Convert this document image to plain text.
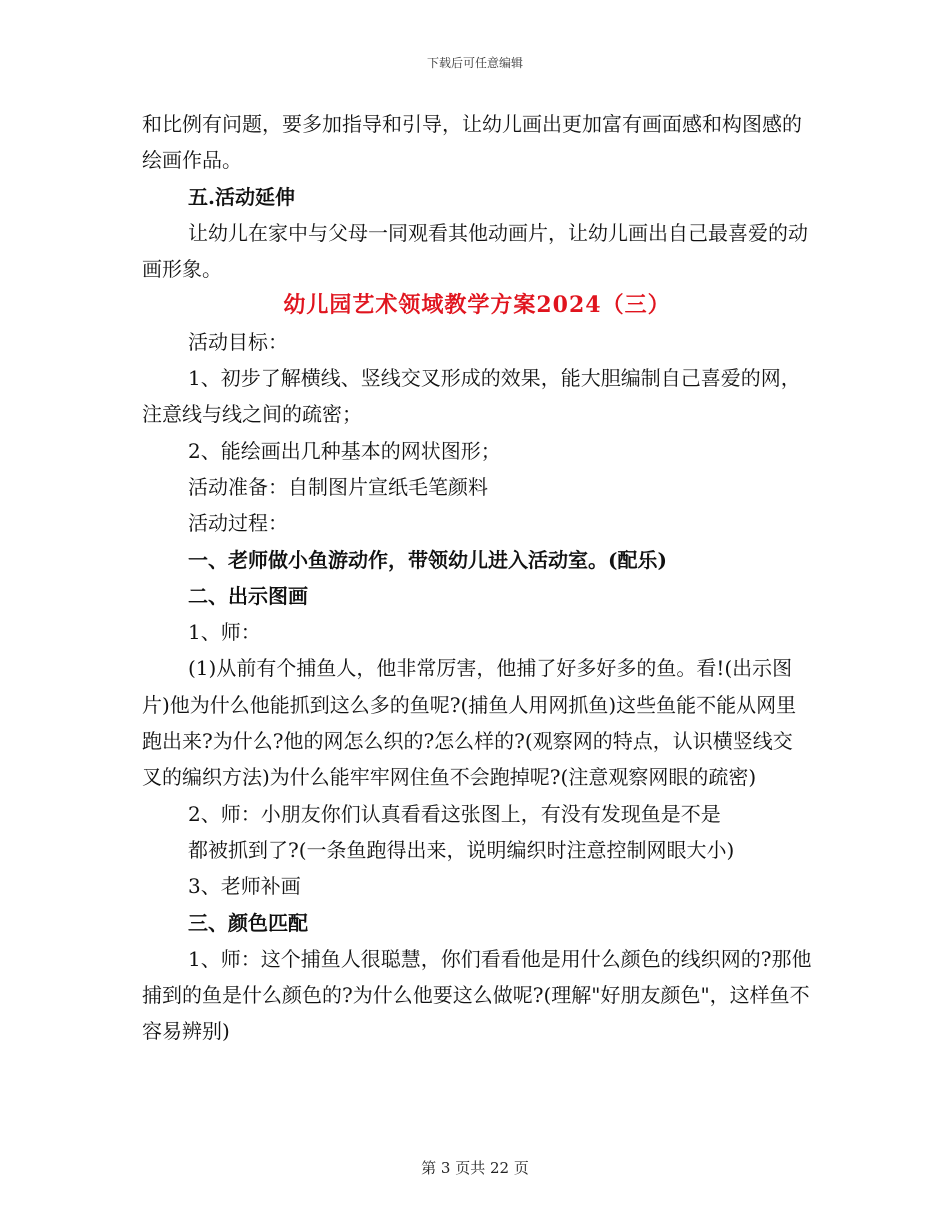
下载后可任意编辑

和比例有问题，要多加指导和引导，让幼儿画出更加富有画面感和构图感的绘画作品。

五.活动延伸

让幼儿在家中与父母一同观看其他动画片，让幼儿画出自己最喜爱的动画形象。

幼儿园艺术领域教学方案2024（三）

活动目标：

1、初步了解横线、竖线交叉形成的效果，能大胆编制自己喜爱的网，注意线与线之间的疏密；

2、能绘画出几种基本的网状图形；

活动准备：自制图片宣纸毛笔颜料

活动过程：

一、老师做小鱼游动作，带领幼儿进入活动室。(配乐)

二、出示图画

1、师：

(1)从前有个捕鱼人，他非常厉害，他捕了好多好多的鱼。看!(出示图片)他为什么他能抓到这么多的鱼呢?(捕鱼人用网抓鱼)这些鱼能不能从网里跑出来?为什么?他的网怎么织的?怎么样的?(观察网的特点，认识横竖线交叉的编织方法)为什么能牢牢网住鱼不会跑掉呢?(注意观察网眼的疏密)

2、师：小朋友你们认真看看这张图上，有没有发现鱼是不是

都被抓到了?(一条鱼跑得出来，说明编织时注意控制网眼大小)

3、老师补画

三、颜色匹配

1、师：这个捕鱼人很聪慧，你们看看他是用什么颜色的线织网的?那他捕到的鱼是什么颜色的?为什么他要这么做呢?(理解"好朋友颜色"，这样鱼不容易辨别)

第 3 页共 22 页
